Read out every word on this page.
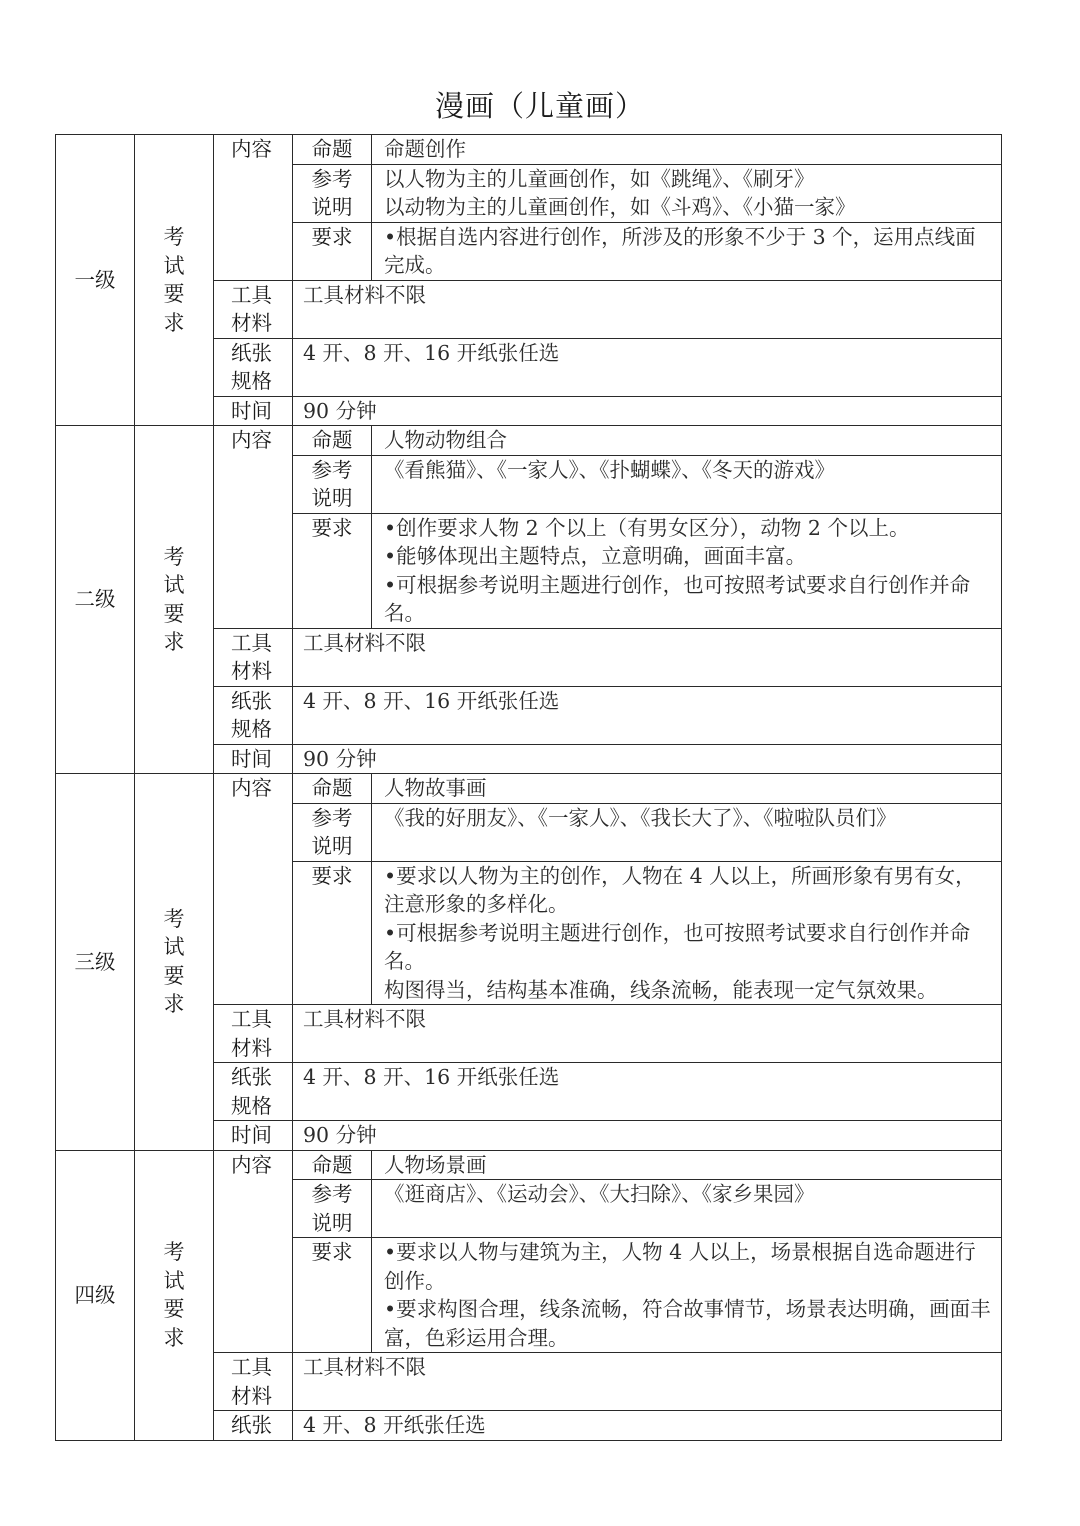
漫画（儿童画）
一级	考试要求	内容	命题	命题创作
			参考说明	以人物为主的儿童画创作，如《跳绳》、《刷牙》
以动物为主的儿童画创作，如《斗鸡》、《小猫一家》

			要求	•根据自选内容进行创作，所涉及的形象不少于 3 个，运用点线面完成。

		工具材料	工具材料不限	

		纸张规格	4 开、8 开、16 开纸张任选	

		时间	90 分钟	
二级	考试要求	内容	命题	人物动物组合
			参考说明	《看熊猫》、《一家人》、《扑蝴蝶》、《冬天的游戏》

			要求	•创作要求人物 2 个以上（有男女区分），动物 2 个以上。
•能够体现出主题特点，立意明确，画面丰富。
•可根据参考说明主题进行创作，也可按照考试要求自行创作并命名。

		工具材料	工具材料不限	

		纸张规格	4 开、8 开、16 开纸张任选	

		时间	90 分钟	
三级	考试要求	内容	命题	人物故事画
			参考说明	《我的好朋友》、《一家人》、《我长大了》、《啦啦队员们》

			要求	•要求以人物为主的创作，人物在 4 人以上，所画形象有男有女，注意形象的多样化。
•可根据参考说明主题进行创作，也可按照考试要求自行创作并命名。
构图得当，结构基本准确，线条流畅，能表现一定气氛效果。

		工具材料	工具材料不限	

		纸张规格	4 开、8 开、16 开纸张任选	

		时间	90 分钟	
四级	考试要求	内容	命题	人物场景画
			参考说明	《逛商店》、《运动会》、《大扫除》、《家乡果园》

			要求	•要求以人物与建筑为主，人物 4 人以上，场景根据自选命题进行创作。
•要求构图合理，线条流畅，符合故事情节，场景表达明确，画面丰富，色彩运用合理。

		工具材料	工具材料不限	

		纸张	4 开、8 开纸张任选	
